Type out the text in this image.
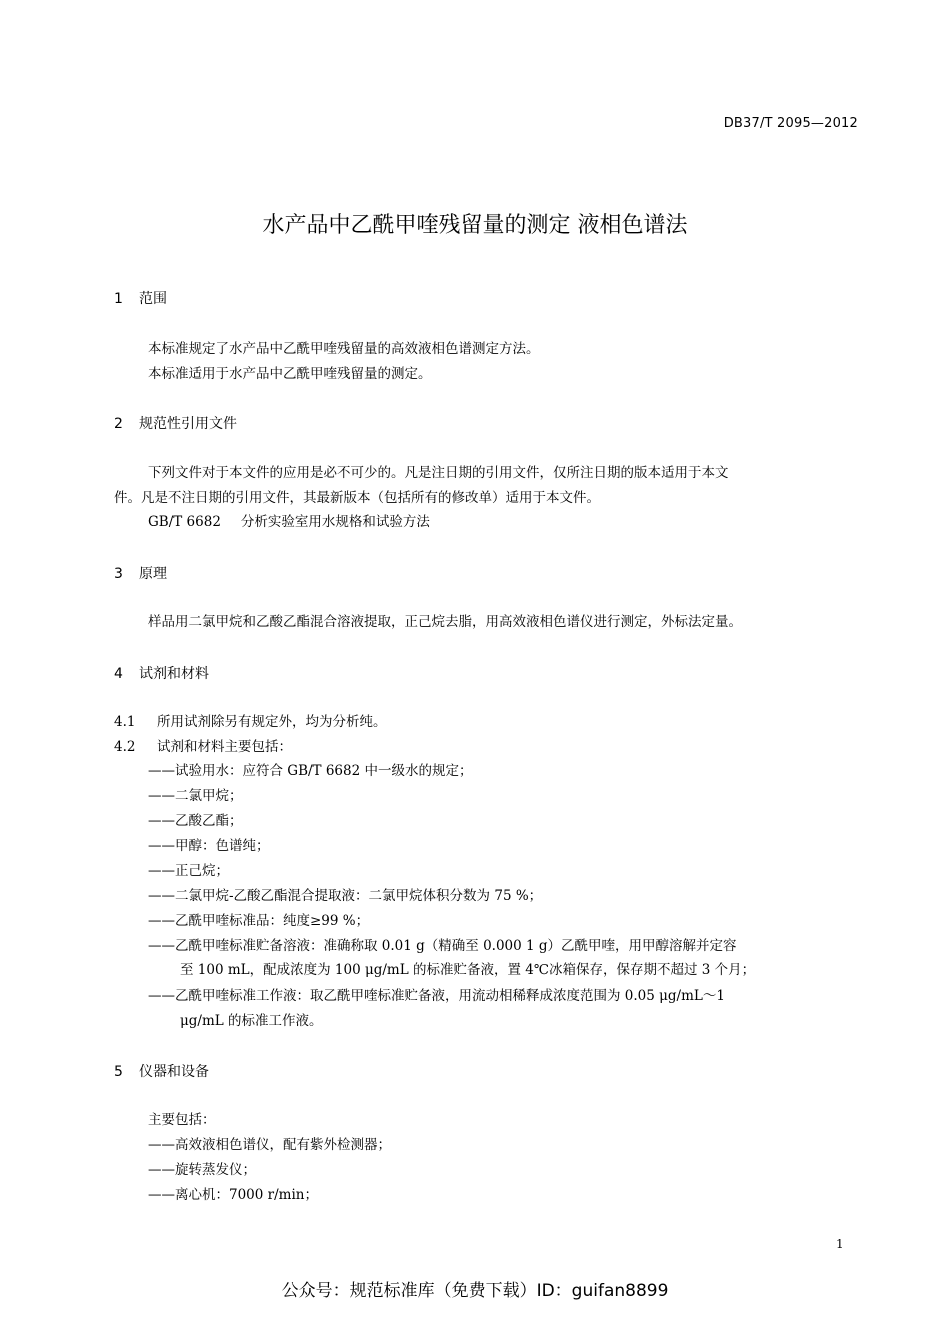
DB37/T 2095—2012
水产品中乙酰甲喹残留量的测定 液相色谱法
1 范围
本标准规定了水产品中乙酰甲喹残留量的高效液相色谱测定方法。
本标准适用于水产品中乙酰甲喹残留量的测定。
2 规范性引用文件
下列文件对于本文件的应用是必不可少的。凡是注日期的引用文件，仅所注日期的版本适用于本文
件。凡是不注日期的引用文件，其最新版本（包括所有的修改单）适用于本文件。
GB/T 6682 分析实验室用水规格和试验方法
3 原理
样品用二氯甲烷和乙酸乙酯混合溶液提取，正己烷去脂，用高效液相色谱仪进行测定，外标法定量。
4 试剂和材料
4.1 所用试剂除另有规定外，均为分析纯。
4.2 试剂和材料主要包括：
——试验用水：应符合 GB/T 6682 中一级水的规定；
——二氯甲烷；
——乙酸乙酯；
——甲醇：色谱纯；
——正己烷；
——二氯甲烷-乙酸乙酯混合提取液：二氯甲烷体积分数为 75 %；
——乙酰甲喹标准品：纯度≥99 %；
——乙酰甲喹标准贮备溶液：准确称取 0.01 g（精确至 0.000 1 g）乙酰甲喹，用甲醇溶解并定容
至 100 mL，配成浓度为 100 μg/mL 的标准贮备液，置 4℃冰箱保存，保存期不超过 3 个月；
——乙酰甲喹标准工作液：取乙酰甲喹标准贮备液，用流动相稀释成浓度范围为 0.05 μg/mL～1
μg/mL 的标准工作液。
5 仪器和设备
主要包括：
——高效液相色谱仪，配有紫外检测器；
——旋转蒸发仪；
——离心机：7000 r/min；
1
公众号：规范标准库（免费下载）ID：guifan8899
